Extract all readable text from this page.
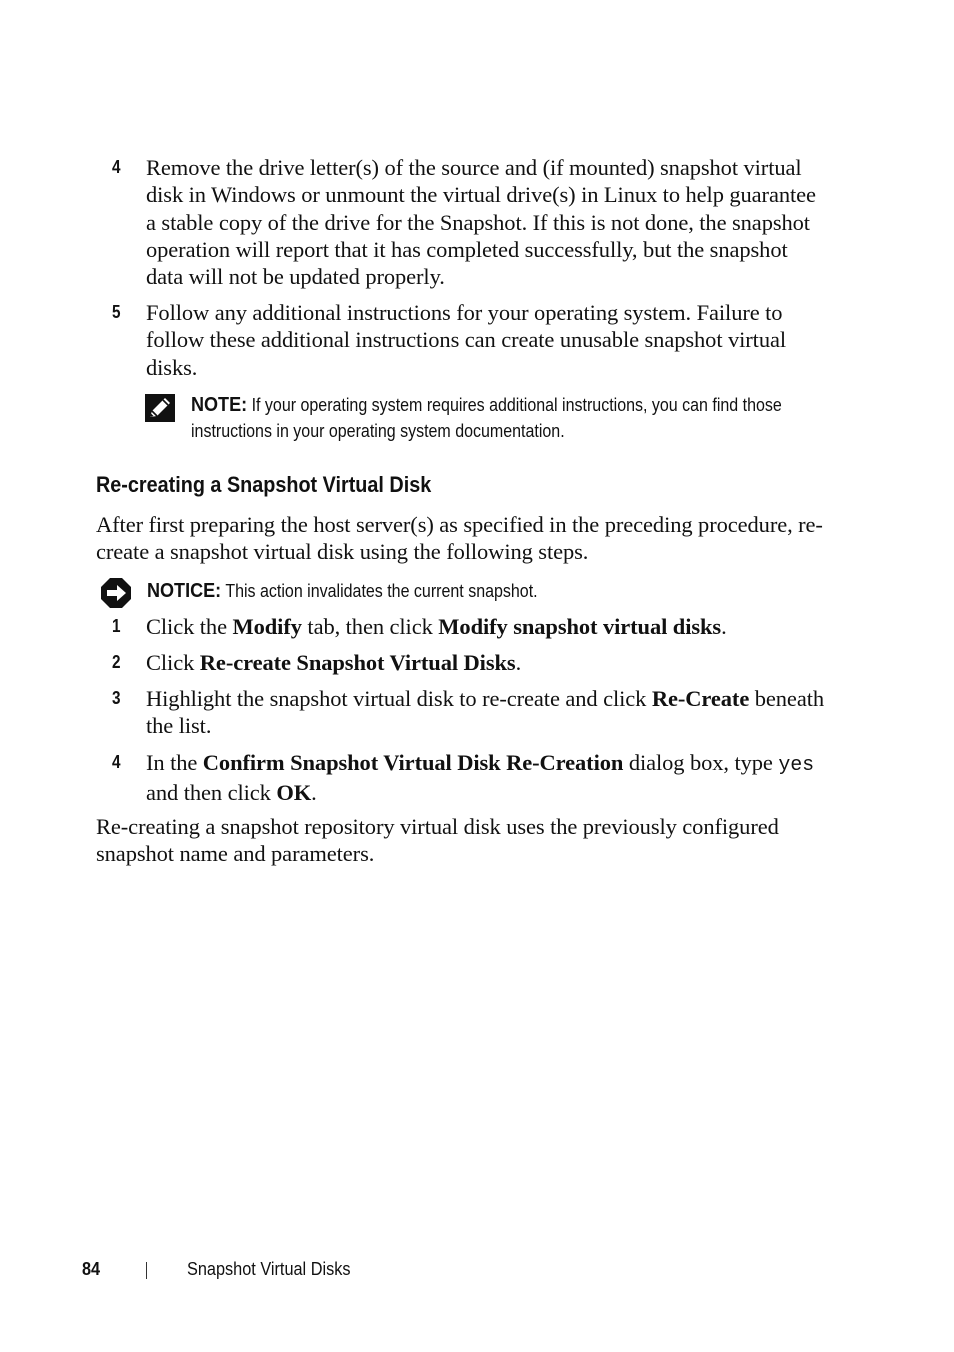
4 Remove the drive letter(s) of the source and (if mounted) snapshot virtual disk in Windows or unmount the virtual drive(s) in Linux to help guarantee a stable copy of the drive for the Snapshot. If this is not done, the snapshot operation will report that it has completed successfully, but the snapshot data will not be updated properly.
5 Follow any additional instructions for your operating system. Failure to follow these additional instructions can create unusable snapshot virtual disks.
NOTE: If your operating system requires additional instructions, you can find those instructions in your operating system documentation.
Re-creating a Snapshot Virtual Disk
After first preparing the host server(s) as specified in the preceding procedure, re-create a snapshot virtual disk using the following steps.
NOTICE: This action invalidates the current snapshot.
1 Click the Modify tab, then click Modify snapshot virtual disks.
2 Click Re-create Snapshot Virtual Disks.
3 Highlight the snapshot virtual disk to re-create and click Re-Create beneath the list.
4 In the Confirm Snapshot Virtual Disk Re-Creation dialog box, type yes and then click OK.
Re-creating a snapshot repository virtual disk uses the previously configured snapshot name and parameters.
84	Snapshot Virtual Disks
